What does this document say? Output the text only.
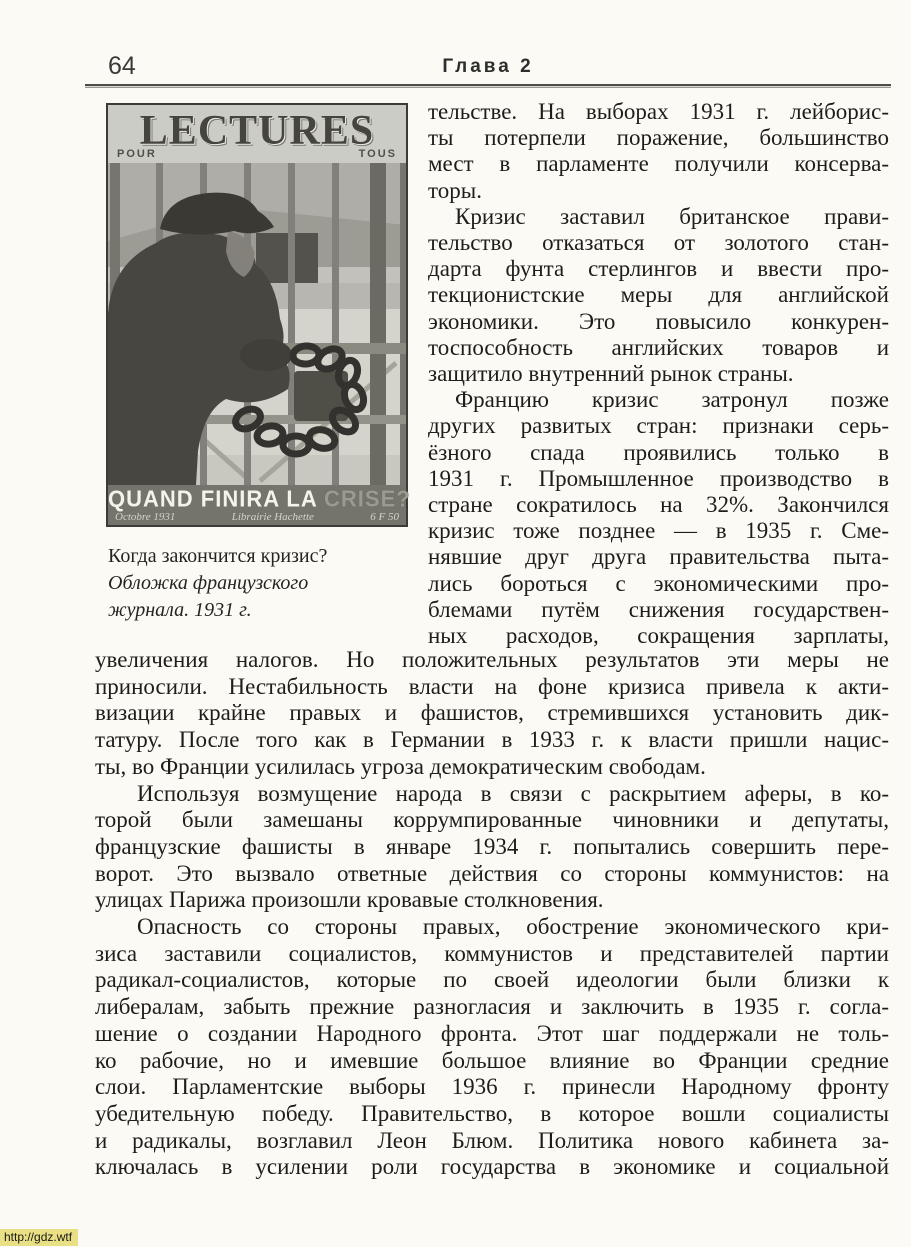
64	Глава 2
LECTURES
POUR	TOUS
QUAND FINIRA LA CRISE?
Octobre 1931	Librairie Hachette	6 F 50
Когда закончится кризис?
Обложка французского
журнала. 1931 г.
тельстве. На выборах 1931 г. лейборис-
ты потерпели поражение, большинство
мест в парламенте получили консерва-
торы.
Кризис заставил британское прави-
тельство отказаться от золотого стан-
дарта фунта стерлингов и ввести про-
текционистские меры для английской
экономики. Это повысило конкурен-
тоспособность английских товаров и
защитило внутренний рынок страны.
Францию кризис затронул позже
других развитых стран: признаки серь-
ёзного спада проявились только в
1931 г. Промышленное производство в
стране сократилось на 32%. Закончился
кризис тоже позднее — в 1935 г. Сме-
нявшие друг друга правительства пыта-
лись бороться с экономическими про-
блемами путём снижения государствен-
ных расходов, сокращения зарплаты,
увеличения налогов. Но положительных результатов эти меры не
приносили. Нестабильность власти на фоне кризиса привела к акти-
визации крайне правых и фашистов, стремившихся установить дик-
татуру. После того как в Германии в 1933 г. к власти пришли нацис-
ты, во Франции усилилась угроза демократическим свободам.
Используя возмущение народа в связи с раскрытием аферы, в ко-
торой были замешаны коррумпированные чиновники и депутаты,
французские фашисты в январе 1934 г. попытались совершить пере-
ворот. Это вызвало ответные действия со стороны коммунистов: на
улицах Парижа произошли кровавые столкновения.
Опасность со стороны правых, обострение экономического кри-
зиса заставили социалистов, коммунистов и представителей партии
радикал-социалистов, которые по своей идеологии были близки к
либералам, забыть прежние разногласия и заключить в 1935 г. согла-
шение о создании Народного фронта. Этот шаг поддержали не толь-
ко рабочие, но и имевшие большое влияние во Франции средние
слои. Парламентские выборы 1936 г. принесли Народному фронту
убедительную победу. Правительство, в которое вошли социалисты
и радикалы, возглавил Леон Блюм. Политика нового кабинета за-
ключалась в усилении роли государства в экономике и социальной
http://gdz.wtf
